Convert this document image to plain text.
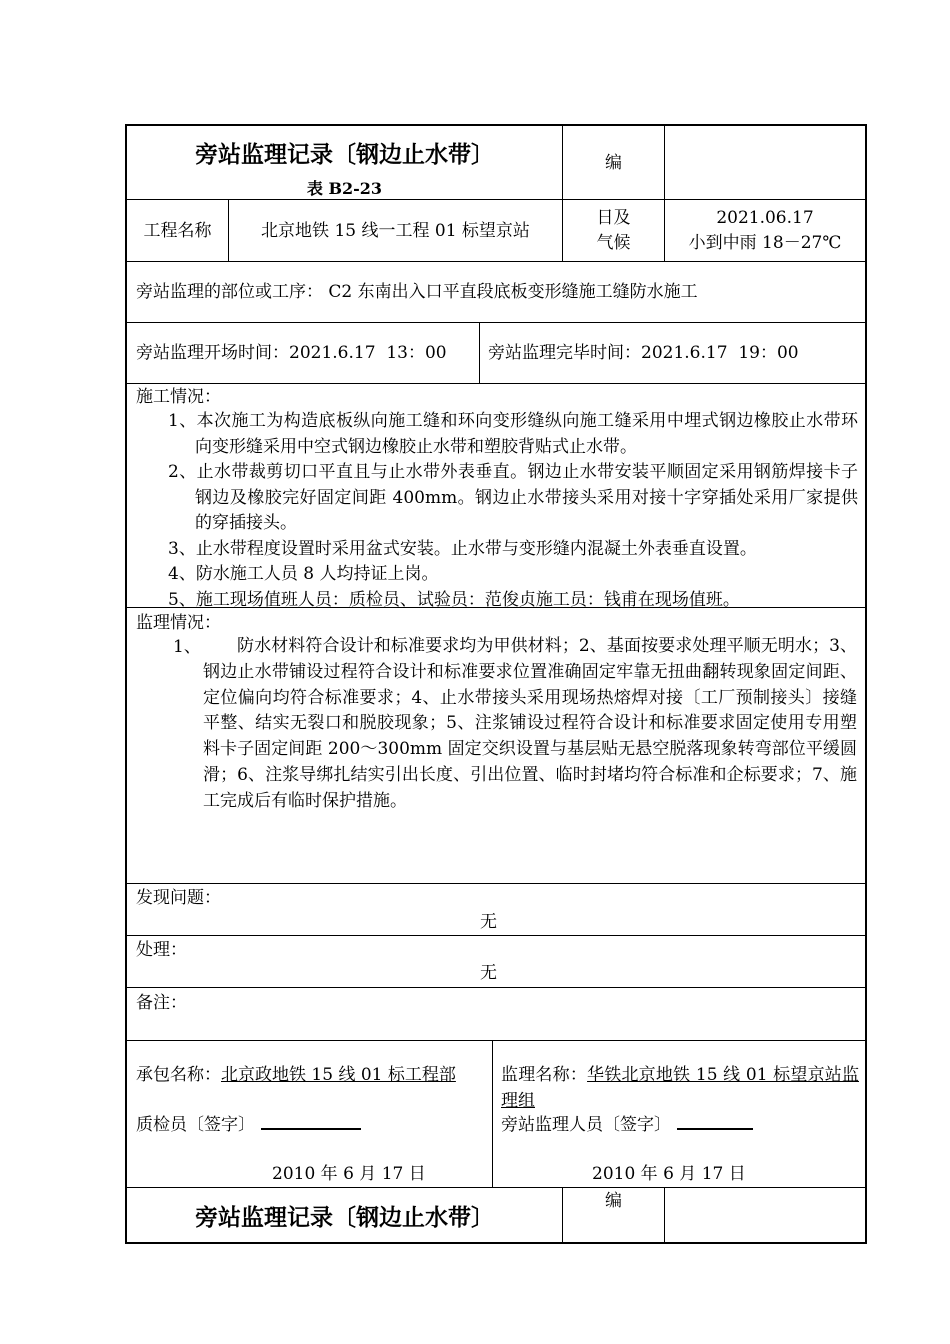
旁站监理记录〔钢边止水带〕
表 B2-23
编
工程名称	北京地铁 15 线一工程 01 标望京站
日及
气候
2021.06.17
小到中雨 18－27℃
旁站监理的部位或工序： C2 东南出入口平直段底板变形缝施工缝防水施工
旁站监理开场时间：2021.6.17  13：00 旁站监理完毕时间：2021.6.17  19：00
施工情况：
1、本次施工为构造底板纵向施工缝和环向变形缝纵向施工缝采用中埋式钢边橡胶止水带环向变形缝采用中空式钢边橡胶止水带和塑胶背贴式止水带。
2、止水带裁剪切口平直且与止水带外表垂直。钢边止水带安装平顺固定采用钢筋焊接卡子钢边及橡胶完好固定间距 400mm。钢边止水带接头采用对接十字穿插处采用厂家提供的穿插接头。
3、止水带程度设置时采用盆式安装。止水带与变形缝内混凝土外表垂直设置。
4、防水施工人员 8 人均持证上岗。
5、施工现场值班人员：质检员、试验员：范俊贞施工员：钱甫在现场值班。
监理情况：
1、	防水材料符合设计和标准要求均为甲供材料；2、基面按要求处理平顺无明水；3、钢边止水带铺设过程符合设计和标准要求位置准确固定牢靠无扭曲翻转现象固定间距、定位偏向均符合标准要求；4、止水带接头采用现场热熔焊对接〔工厂预制接头〕接缝平整、结实无裂口和脱胶现象；5、注浆铺设过程符合设计和标准要求固定使用专用塑料卡子固定间距 200～300mm 固定交织设置与基层贴无悬空脱落现象转弯部位平缓圆滑；6、注浆导绑扎结实引出长度、引出位置、临时封堵均符合标准和企标要求；7、施工完成后有临时保护措施。
发现问题：
无
处理：
无
备注：
承包名称：北京政地铁 15 线 01 标工程部
质检员〔签字〕
2010 年 6 月 17 日
监理名称：华铁北京地铁 15 线 01 标望京站监理组
旁站监理人员〔签字〕
2010 年 6 月 17 日
旁站监理记录〔钢边止水带〕
编
